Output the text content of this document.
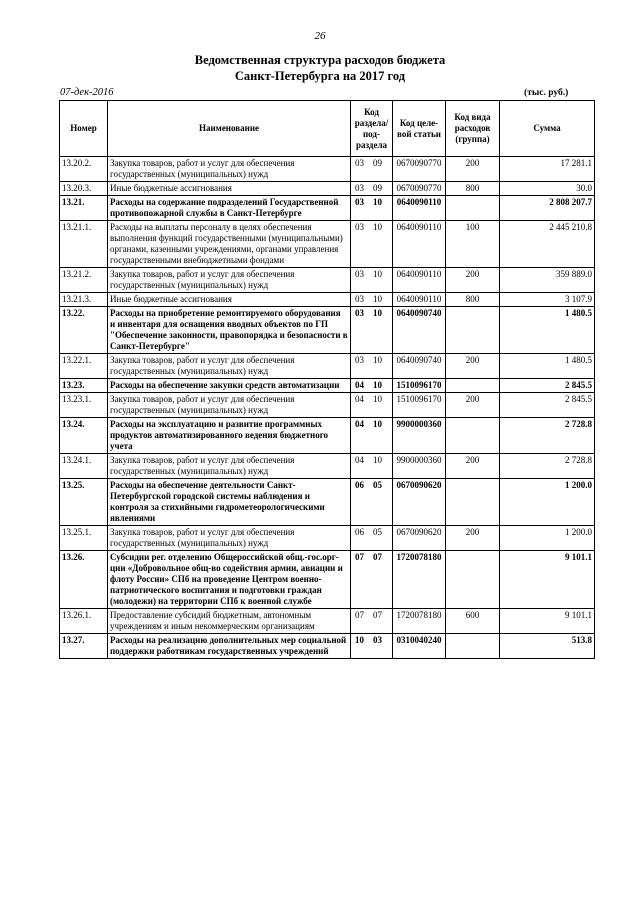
26
Ведомственная структура расходов бюджета
Санкт-Петербурга на 2017 год
07-дек-2016	(тыс. руб.)
Номер	Наименование	Код раздела/ под-раздела	Код целе-вой статьи	Код вида расходов (группа)	Сумма
13.20.2.	Закупка товаров, работ и услуг для обеспечения государственных (муниципальных) нужд	03 09	0670090770	200	17 281.1
13.20.3.	Иные бюджетные ассигнования	03 09	0670090770	800	30.0
13.21.	Расходы на содержание подразделений Государственной противопожарной службы в Санкт-Петербурге	03 10	0640090110		2 808 207.7
13.21.1.	Расходы на выплаты персоналу в целях обеспечения выполнения функций государственными (муниципальными) органами, казенными учреждениями, органами управления государственными внебюджетными фондами	03 10	0640090110	100	2 445 210.8
13.21.2.	Закупка товаров, работ и услуг для обеспечения государственных (муниципальных) нужд	03 10	0640090110	200	359 889.0
13.21.3.	Иные бюджетные ассигнования	03 10	0640090110	800	3 107.9
13.22.	Расходы на приобретение ремонтируемого оборудования и инвентаря для оснащения вводных объектов по ГП "Обеспечение законности, правопорядка и безопасности в Санкт-Петербурге"	03 10	0640090740		1 480.5
13.22.1.	Закупка товаров, работ и услуг для обеспечения государственных (муниципальных) нужд	03 10	0640090740	200	1 480.5
13.23.	Расходы на обеспечение закупки средств автоматизации	04 10	1510096170		2 845.5
13.23.1.	Закупка товаров, работ и услуг для обеспечения государственных (муниципальных) нужд	04 10	1510096170	200	2 845.5
13.24.	Расходы на эксплуатацию и развитие программных продуктов автоматизированного ведения бюджетного учета	04 10	9900000360		2 728.8
13.24.1.	Закупка товаров, работ и услуг для обеспечения государственных (муниципальных) нужд	04 10	9900000360	200	2 728.8
13.25.	Расходы на обеспечение деятельности Санкт-Петербургской городской системы наблюдения и контроля за стихийными гидрометеорологическими явлениями	06 05	0670090620		1 200.0
13.25.1.	Закупка товаров, работ и услуг для обеспечения государственных (муниципальных) нужд	06 05	0670090620	200	1 200.0
13.26.	Субсидии рег. отделению Общероссийской общ.-гос.орг-ции «Добровольное общ-во содействия армии, авиации и флоту России» СПб на проведение Центром военно-патриотического воспитания и подготовки граждан (молодежи) на территории СПб к военной службе	07 07	1720078180		9 101.1
13.26.1.	Предоставление субсидий бюджетным, автономным учреждениям и иным некоммерческим организациям	07 07	1720078180	600	9 101.1
13.27.	Расходы на реализацию дополнительных мер социальной поддержки работникам государственных учреждений	10 03	0310040240		513.8
